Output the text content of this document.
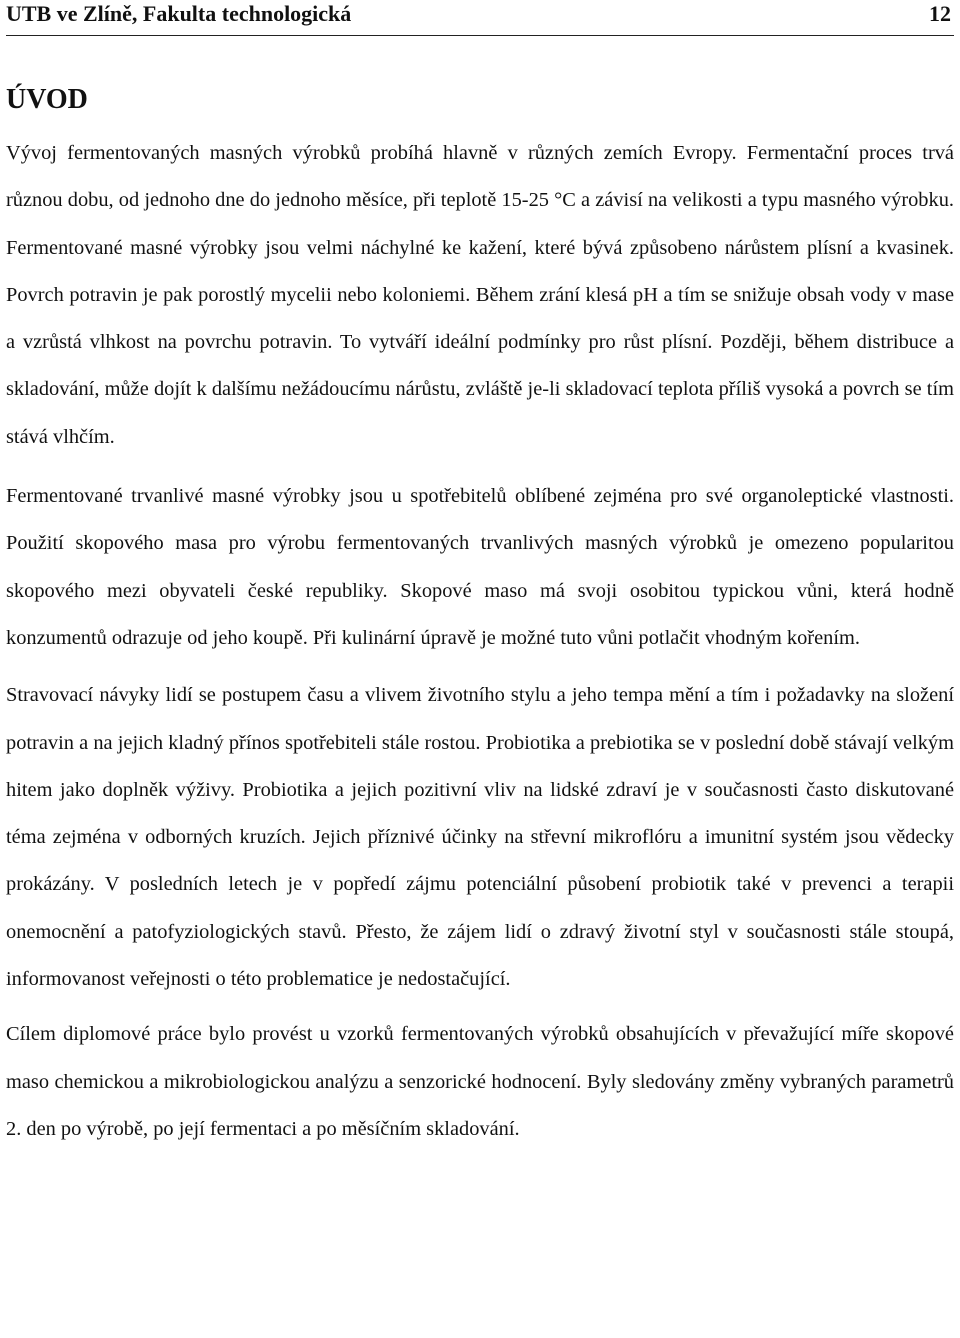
UTB ve Zlíně, Fakulta technologická	12
ÚVOD

Vývoj fermentovaných masných výrobků probíhá hlavně v různých zemích Evropy. Fermentační proces trvá různou dobu, od jednoho dne do jednoho měsíce, při teplotě 15-25 °C a závisí na velikosti a typu masného výrobku. Fermentované masné výrobky jsou velmi náchylné ke kažení, které bývá způsobeno nárůstem plísní a kvasinek. Povrch potravin je pak porostlý mycelii nebo koloniemi. Během zrání klesá pH a tím se snižuje obsah vody v mase a vzrůstá vlhkost na povrchu potravin. To vytváří ideální podmínky pro růst plísní. Později, během distribuce a skladování, může dojít k dalšímu nežádoucímu nárůstu, zvláště je-li skladovací teplota příliš vysoká a povrch se tím stává vlhčím.

Fermentované trvanlivé masné výrobky jsou u spotřebitelů oblíbené zejména pro své organoleptické vlastnosti. Použití skopového masa pro výrobu fermentovaných trvanlivých masných výrobků je omezeno popularitou skopového mezi obyvateli české republiky. Skopové maso má svoji osobitou typickou vůni, která hodně konzumentů odrazuje od jeho koupě. Při kulinární úpravě je možné tuto vůni potlačit vhodným kořením.

Stravovací návyky lidí se postupem času a vlivem životního stylu a jeho tempa mění a tím i požadavky na složení potravin a na jejich kladný přínos spotřebiteli stále rostou. Probiotika a prebiotika se v poslední době stávají velkým hitem jako doplněk výživy. Probiotika a jejich pozitivní vliv na lidské zdraví je v současnosti často diskutované téma zejména v odborných kruzích. Jejich příznivé účinky na střevní mikroflóru a imunitní systém jsou vědecky prokázány. V posledních letech je v popředí zájmu potenciální působení probiotik také v prevenci a terapii onemocnění a patofyziologických stavů. Přesto, že zájem lidí o zdravý životní styl v současnosti stále stoupá, informovanost veřejnosti o této problematice je nedostačující.

Cílem diplomové práce bylo provést u vzorků fermentovaných výrobků obsahujících v převažující míře skopové maso chemickou a mikrobiologickou analýzu a senzorické hodnocení. Byly sledovány změny vybraných parametrů 2. den po výrobě, po její fermentaci a po měsíčním skladování.
